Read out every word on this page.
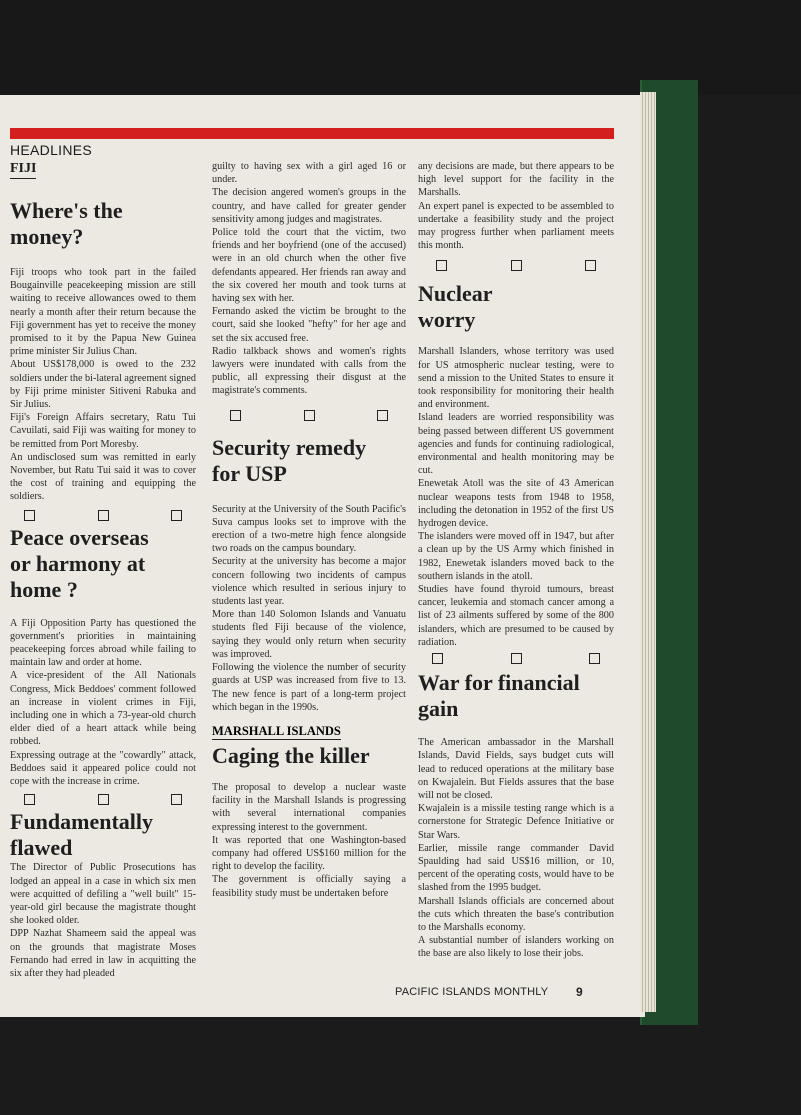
HEADLINES
FIJI
Where's the money?

Fiji troops who took part in the failed Bougainville peacekeeping mission are still waiting to receive allowances owed to them nearly a month after their return because the Fiji government has yet to receive the money promised to it by the Papua New Guinea prime minister Sir Julius Chan.

About US$178,000 is owed to the 232 soldiers under the bi-lateral agreement signed by Fiji prime minister Sitiveni Rabuka and Sir Julius.

Fiji's Foreign Affairs secretary, Ratu Tui Cavuilati, said Fiji was waiting for money to be remitted from Port Moresby.

An undisclosed sum was remitted in early November, but Ratu Tui said it was to cover the cost of training and equipping the soldiers.

Peace overseas or harmony at home ?

A Fiji Opposition Party has questioned the government's priorities in maintaining peacekeeping forces abroad while failing to maintain law and order at home.

A vice-president of the All Nationals Congress, Mick Beddoes' comment followed an increase in violent crimes in Fiji, including one in which a 73-year-old church elder died of a heart attack while being robbed.

Expressing outrage at the "cowardly" attack, Beddoes said it appeared police could not cope with the increase in crime.

Fundamentally flawed

The Director of Public Prosecutions has lodged an appeal in a case in which six men were acquitted of defiling a "well built" 15-year-old girl because the magistrate thought she looked older.

DPP Nazhat Shameem said the appeal was on the grounds that magistrate Moses Fernando had erred in law in acquitting the six after they had pleaded

guilty to having sex with a girl aged 16 or under.

The decision angered women's groups in the country, and have called for greater gender sensitivity among judges and magistrates.

Police told the court that the victim, two friends and her boyfriend (one of the accused) were in an old church when the other five defendants appeared. Her friends ran away and the six covered her mouth and took turns at having sex with her.

Fernando asked the victim be brought to the court, said she looked "hefty" for her age and set the six accused free.

Radio talkback shows and women's rights lawyers were inundated with calls from the public, all expressing their disgust at the magistrate's comments.

Security remedy for USP

Security at the University of the South Pacific's Suva campus looks set to improve with the erection of a two-metre high fence alongside two roads on the campus boundary.

Security at the university has become a major concern following two incidents of campus violence which resulted in serious injury to students last year.

More than 140 Solomon Islands and Vanuatu students fled Fiji because of the violence, saying they would only return when security was improved.

Following the violence the number of security guards at USP was increased from five to 13. The new fence is part of a long-term project which began in the 1990s.

MARSHALL ISLANDS
Caging the killer

The proposal to develop a nuclear waste facility in the Marshall Islands is progressing with several international companies expressing interest to the government.

It was reported that one Washington-based company had offered US$160 million for the right to develop the facility.

The government is officially saying a feasibility study must be undertaken before

any decisions are made, but there appears to be high level support for the facility in the Marshalls.

An expert panel is expected to be assembled to undertake a feasibility study and the project may progress further when parliament meets this month.

Nuclear worry

Marshall Islanders, whose territory was used for US atmospheric nuclear testing, were to send a mission to the United States to ensure it took responsibility for monitoring their health and environment.

Island leaders are worried responsibility was being passed between different US government agencies and funds for continuing radiological, environmental and health monitoring may be cut.

Enewetak Atoll was the site of 43 American nuclear weapons tests from 1948 to 1958, including the detonation in 1952 of the first US hydrogen device.

The islanders were moved off in 1947, but after a clean up by the US Army which finished in 1982, Enewetak islanders moved back to the southern islands in the atoll.

Studies have found thyroid tumours, breast cancer, leukemia and stomach cancer among a list of 23 ailments suffered by some of the 800 islanders, which are presumed to be caused by radiation.

War for financial gain

The American ambassador in the Marshall Islands, David Fields, says budget cuts will lead to reduced operations at the military base on Kwajalein. But Fields assures that the base will not be closed.

Kwajalein is a missile testing range which is a cornerstone for Strategic Defence Initiative or Star Wars.

Earlier, missile range commander David Spaulding had said US$16 million, or 10, percent of the operating costs, would have to be slashed from the 1995 budget.

Marshall Islands officials are concerned about the cuts which threaten the base's contribution to the Marshalls economy.

A substantial number of islanders working on the base are also likely to lose their jobs.

PACIFIC ISLANDS MONTHLY 9
